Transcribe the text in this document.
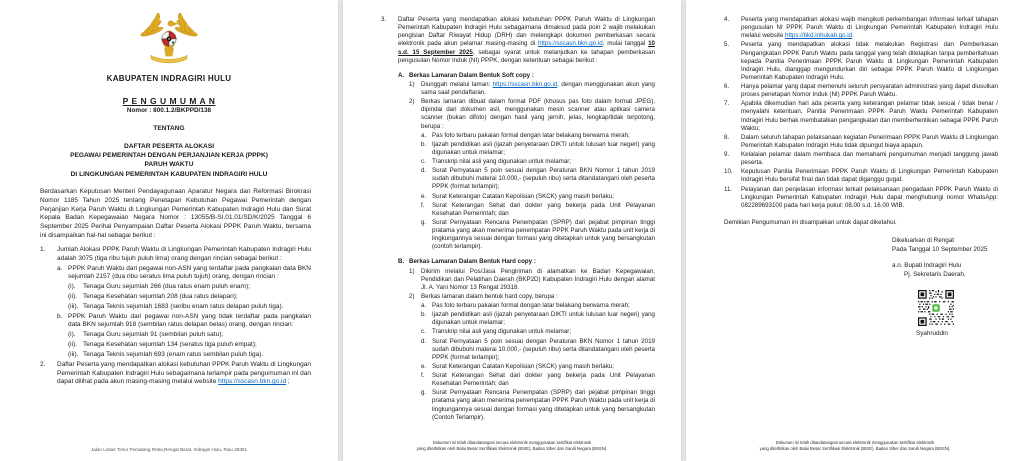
KABUPATEN INDRAGIRI HULU
P E N G U M U M A N
Nomor : 800.1.2/BKPPD/138
TENTANG
DAFTAR PESERTA ALOKASI
PEGAWAI PEMERINTAH DENGAN PERJANJIAN KERJA (PPPK)
PARUH WAKTU
DI LINGKUNGAN PEMERINTAH KABUPATEN INDRAGIRI HULU
Berdasarkan Keputusan Menteri Pendayagunaan Aparatur Negara dan Reformasi Birokrasi Nomor 1185 Tahun 2025 tentang Penetapan Kebutuhan Pegawai Pemerintah dengan Perjanjian Kerja Paruh Waktu di Lingkungan Pemerintah Kabupaten Indragiri Hulu dan Surat Kepala Badan Kepegawaian Negara Nomor : 13055/B-SI.01.01/SD/K/2025 Tanggal 6 September 2025 Perihal Penyampaian Daftar Peserta Alokasi PPPK Paruh Waktu, bersama ini disampaikan hal-hal sebagai berikut :
1.	Jumlah Alokasi PPPK Paruh Waktu di Lingkungan Pemerintah Kabupaten Indragiri Hulu adalah 3075 (tiga ribu tujuh puluh lima) orang dengan rincian sebagai berikut :
a. PPPK Paruh Waktu dari pegawai non-ASN yang terdaftar pada pangkalan data BKN sejumlah 2157 (dua ribu seratus lima puluh tujuh) orang, dengan rincian :
(i).	Tenaga Guru sejumlah 266 (dua ratus enam puluh enam);
(ii). Tenaga Kesehatan sejumlah 208 (dua ratus delapan);
(iii). Tenaga Teknis sejumlah 1683 (seribu enam ratus delapan puluh tiga).
b. PPPK Paruh Waktu dari pegawai non-ASN yang tidak terdaftar pada pangkalan data BKN sejumlah 918 (sembilan ratus delapan belas) orang, dengan rincian:
(i).	Tenaga Guru sejumlah 91 (sembilan puluh satu);
(ii). Tenaga Kesehatan sejumlah 134 (seratus tiga puluh empat);
(iii). Tenaga Teknis sejumlah 693 (enam ratus sembilan puluh tiga).
2.	Daftar Peserta yang mendapatkan alokasi kebutuhan PPPK Paruh Waktu di Lingkungan Pemerintah Kabupaten Indragiri Hulu sebagaimana terlampir pada pengumuman ini dan dapat dilihat pada akun masing-masing melalui website https://sscasn.bkn.go.id ;
Jalan Lintas Timur Pematang Reba,Rengat Barat, Indragiri Hulu, Riau 29351
3.	Daftar Peserta yang mendapatkan alokasi kebutuhan PPPK Paruh Waktu di Lingkungan Pemerintah Kabupaten Indragiri Hulu sebagaimana dimaksud pada poin 2 wajib melakukan pengisian Daftar Riwayat Hidup (DRH) dan melengkapi dokumen pemberkasan secara elektronik pada akun pelamar masing-masing di https://sscasn.bkn.go.id, mulai tanggal 10 s.d. 15 September 2025, sebagai syarat untuk melanjutkan ke tahapan pemberkasan pengusulan Nomor Induk (NI) PPPK, dengan ketentuan sebagai berikut :
A. Berkas Lamaran Dalam Bentuk Soft copy :
1)	Diunggah melalui laman: https://sscasn.bkn.go.id, dengan menggunakan akun yang sama saat pendaftaran.
2)	Berkas lamaran dibuat dalam format PDF (khusus pas foto dalam format JPEG), dipindai dari dokumen asli, menggunakan mesin scanner atau aplikasi camera scanner (bukan difoto) dengan hasil yang jernih, jelas, lengkap/tidak terpotong, berupa :
a. Pas foto terbaru pakaian formal dengan latar belakang berwarna merah;
b. Ijazah pendidikan asli (ijazah penyetaraan DIKTI untuk lulusan luar negeri) yang digunakan untuk melamar;
c. Transkrip nilai asli yang digunakan untuk melamar;
d. Surat Pernyataan 5 poin sesuai dengan Peraturan BKN Nomor 1 tahun 2019 sudah dibubuhi materai 10.000,- (sepuluh ribu) serta ditandatangani oleh peserta PPPK (format terlampir);
e. Surat Keterangan Catatan Kepolisian (SKCK) yang masih berlaku;
f.	Surat Keterangan Sehat dari dokter yang bekerja pada Unit Pelayanan Kesehatan Pemerintah; dan
g. Surat Pernyataan Rencana Penempatan (SPRP) dari pejabat pimpinan tinggi pratama yang akan menerima penempatan PPPK Paruh Waktu pada unit kerja di lingkungannya sesuai dengan formasi yang ditetapkan untuk yang bersangkutan (contoh terlampir).
B. Berkas Lamaran Dalam Bentuk Hard copy :
1)	Dikirim melalui Pos/Jasa Pengiriman di alamatkan ke Badan Kepegawaian, Pendidikan dan Pelatihan Daerah (BKP2D) Kabupaten Indragiri Hulu dengan alamat Jl. A. Yani Nomor 13 Rengat 29318.
2)	Berkas lamaran dalam bentuk hard copy, berupa :
a. Pas foto terbaru pakaian formal dengan latar belakang berwarna merah;
b. Ijazah pendidikan asli (ijazah penyetaraan DIKTI untuk lulusan luar negeri) yang digunakan untuk melamar;
c. Transkrip nilai asli yang digunakan untuk melamar;
d. Surat Pernyataan 5 poin sesuai dengan Peraturan BKN Nomor 1 tahun 2019 sudah dibubuhi materai 10.000,- (sepuluh ribu) serta ditandatangani oleh peserta PPPK (format terlampir);
e. Surat Keterangan Catatan Kepolisian (SKCK) yang masih berlaku;
f.	Surat Keterangan Sehat dari dokter yang bekerja pada Unit Pelayanan Kesehatan Pemerintah; dan
g. Surat Pernyataan Rencana Penempatan (SPRP) dari pejabat pimpinan tinggi pratama yang akan menerima penempatan PPPK Paruh Waktu pada unit kerja di lingkungannya sesuai dengan formasi yang ditetapkan untuk yang bersangkutan (Contoh Terlampir).
Dokumen ini telah ditandatangani secara elektronik menggunakan sertifikat elektronik
yang diterbitkan oleh Balai Besar Sertifikasi Elektronik (BSrE), Badan Siber dan Sandi Negara (BSSN).
4.	Peserta yang mendapatkan alokasi wajib mengikuti perkembangan informasi terkait tahapan pengusulan NI PPPK Paruh Waktu di Lingkungan Pemerintah Kabupaten Indragiri Hulu melalui website https://bkd.inhukab.go.id.
5.	Peserta yang mendapatkan alokasi tidak melakukan Registrasi dan Pemberkasan Pengangkatan PPPK Paruh Waktu pada tanggal yang telah ditetapkan tanpa pemberitahuan kepada Panitia Penerimaan PPPK Paruh Waktu di Lingkungan Pemerintah Kabupaten Indragiri Hulu, dianggap mengundurkan diri sebagai PPPK Paruh Waktu di Lingkungan Pemerintah Kabupaten Indragiri Hulu.
6.	Hanya pelamar yang dapat memenuhi seluruh persyaratan administrasi yang dapat diusulkan proses penetapan Nomor Induk (NI) PPPK Paruh Waktu.
7.	Apabila dikemudian hari ada peserta yang keterangan pelamar tidak sesuai / tidak benar / menyalahi ketentuan, Panitia Penerimaan PPPK Paruh Waktu Pemerintah Kabupaten Indragiri Hulu berhak membatalkan pengangkatan dan memberhentikan sebagai PPPK Paruh Waktu;
8.	Dalam seluruh tahapan pelaksanaan kegiatan Penerimaan PPPK Paruh Waktu di Lingkungan Pemerintah Kabupaten Indragiri Hulu tidak dipungut biaya apapun.
9.	Kelalaian pelamar dalam membaca dan memahami pengumuman menjadi tanggung jawab peserta.
10.	Keputusan Panitia Penerimaan PPPK Paruh Waktu di Lingkungan Pemerintah Kabupaten Indragiri Hulu bersifat final dan tidak dapat diganggu gugat.
11.	Pelayanan dan penjelasan informasi terkait pelaksanaan pengadaan PPPK Paruh Waktu di Lingkungan Pemerintah Kabupaten Indragiri Hulu dapat menghubungi nomor WhatsApp: 082289693100 pada hari kerja pukul: 08.00 s.d. 16.00 WIB.
Demikian Pengumuman ini disampaikan untuk dapat diketahui.
Dikeluarkan di Rengat
Pada Tanggal 10 September 2025
a.n. Bupati Indragiri Hulu
Pj. Sekretaris Daerah,
Syahruddin
Dokumen ini telah ditandatangani secara elektronik menggunakan sertifikat elektronik
yang diterbitkan oleh Balai Besar Sertifikasi Elektronik (BSrE), Badan Siber dan Sandi Negara (BSSN).
